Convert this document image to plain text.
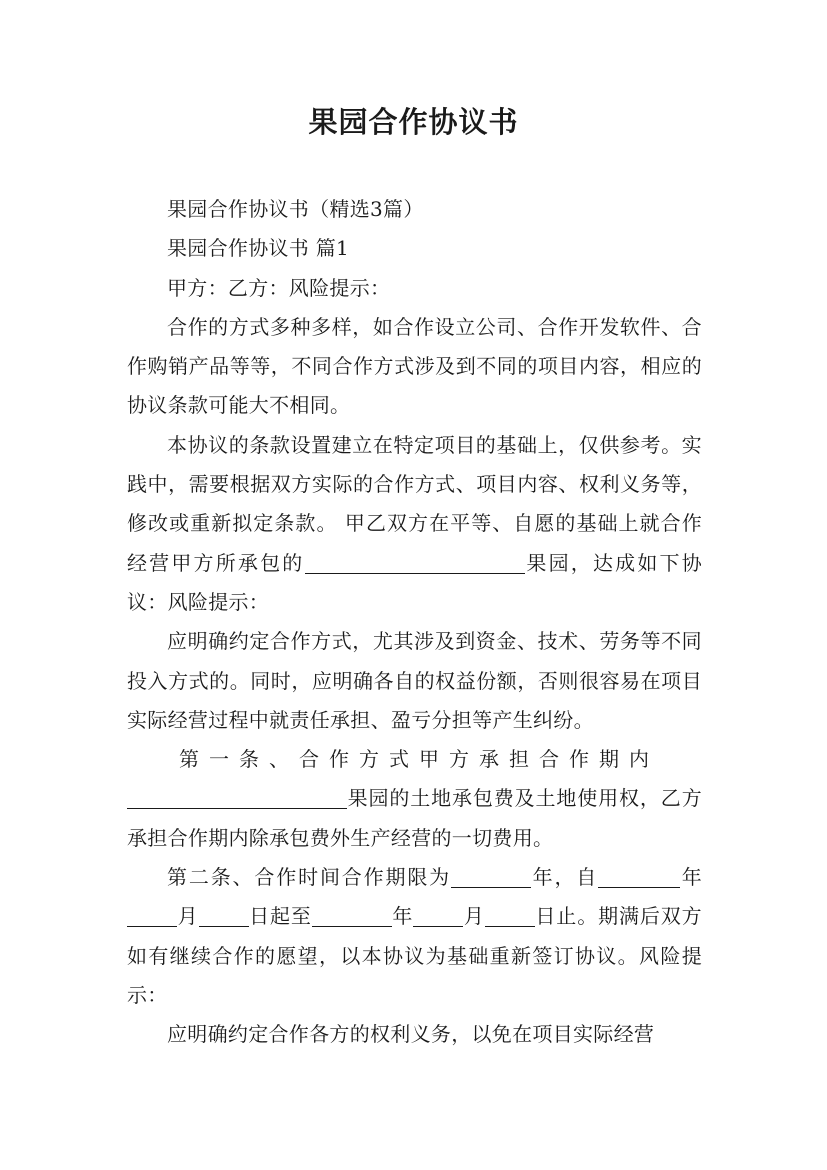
果园合作协议书

果园合作协议书（精选3篇）

果园合作协议书 篇1

甲方：乙方：风险提示：

合作的方式多种多样，如合作设立公司、合作开发软件、合作购销产品等等，不同合作方式涉及到不同的项目内容，相应的协议条款可能大不相同。

本协议的条款设置建立在特定项目的基础上，仅供参考。实践中，需要根据双方实际的合作方式、项目内容、权利义务等，修改或重新拟定条款。 甲乙双方在平等、自愿的基础上就合作经营甲方所承包的	果园，达成如下协议：风险提示：

应明确约定合作方式，尤其涉及到资金、技术、劳务等不同投入方式的。同时，应明确各自的权益份额，否则很容易在项目实际经营过程中就责任承担、盈亏分担等产生纠纷。

第一条、合作方式甲方承担合作期内

果园的土地承包费及土地使用权，乙方承担合作期内除承包费外生产经营的一切费用。

第二条、合作时间合作期限为	年，自	年月	日起至	年	月	日止。期满后双方如有继续合作的愿望，以本协议为基础重新签订协议。风险提示：

应明确约定合作各方的权利义务，以免在项目实际经营
